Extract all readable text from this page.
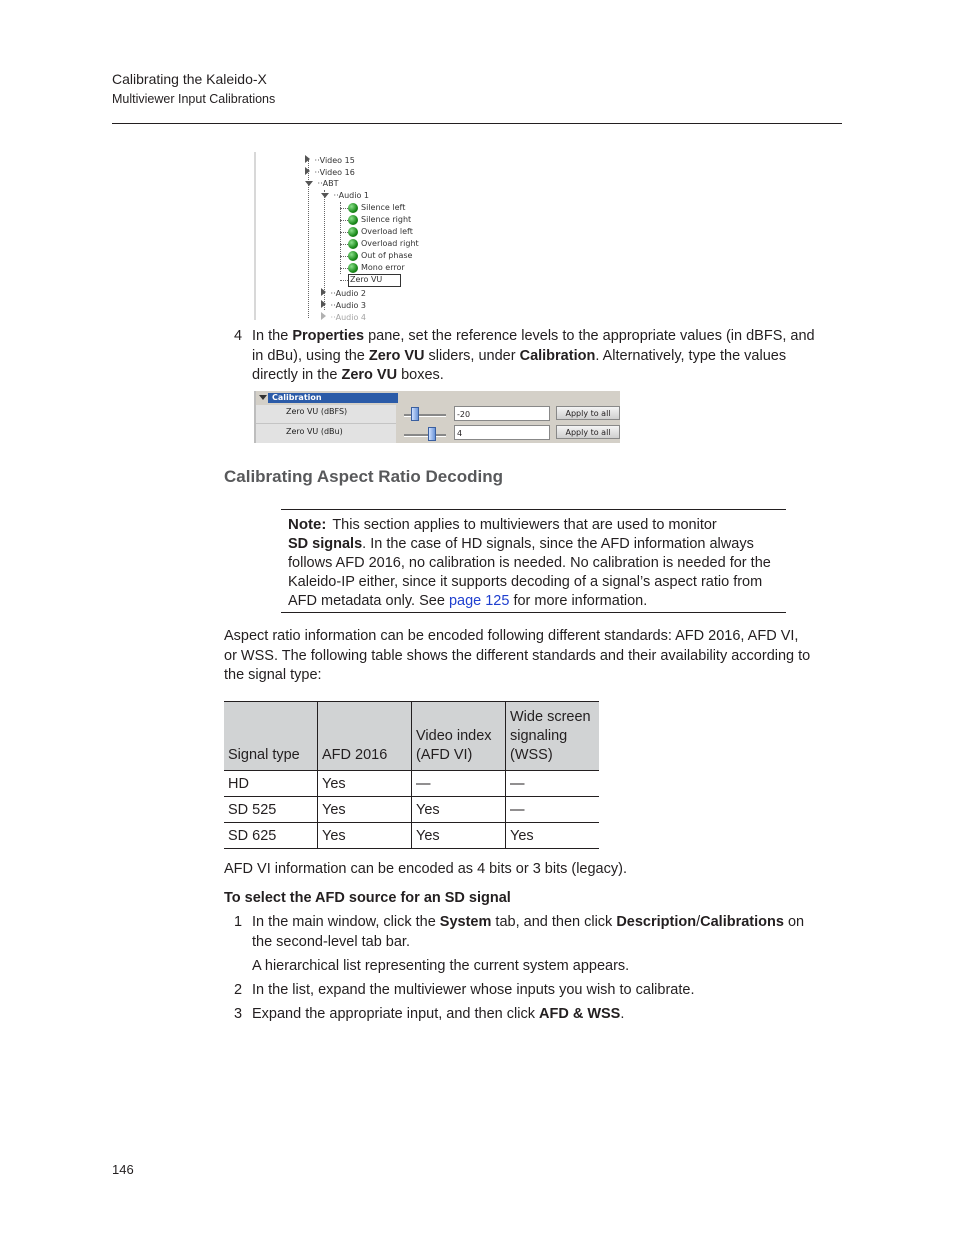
Calibrating the Kaleido-X
Multiviewer Input Calibrations
··Video 15
··Video 16
··ABT
··Audio 1
Silence left
Silence right
Overload left
Overload right
Out of phase
Mono error
Zero VU
··Audio 2
··Audio 3
··Audio 4
4 In the Properties pane, set the reference levels to the appropriate values (in dBFS, and
in dBu), using the Zero VU sliders, under Calibration. Alternatively, type the values
directly in the Zero VU boxes.
Calibration
Zero VU (dBFS)	-20	Apply to all
Zero VU (dBu)	4	Apply to all
Calibrating Aspect Ratio Decoding
Note: This section applies to multiviewers that are used to monitor
SD signals. In the case of HD signals, since the AFD information always
follows AFD 2016, no calibration is needed. No calibration is needed for the
Kaleido-IP either, since it supports decoding of a signal’s aspect ratio from
AFD metadata only. See page 125 for more information.
Aspect ratio information can be encoded following different standards: AFD 2016, AFD VI,
or WSS. The following table shows the different standards and their availability according to
the signal type:
Signal type	AFD 2016	Video index (AFD VI)	Wide screen signaling (WSS)
HD	Yes	—	—
SD 525	Yes	Yes	—
SD 625	Yes	Yes	Yes
AFD VI information can be encoded as 4 bits or 3 bits (legacy).
To select the AFD source for an SD signal
1 In the main window, click the System tab, and then click Description/Calibrations on
the second-level tab bar.
A hierarchical list representing the current system appears.
2 In the list, expand the multiviewer whose inputs you wish to calibrate.
3 Expand the appropriate input, and then click AFD & WSS.
146
